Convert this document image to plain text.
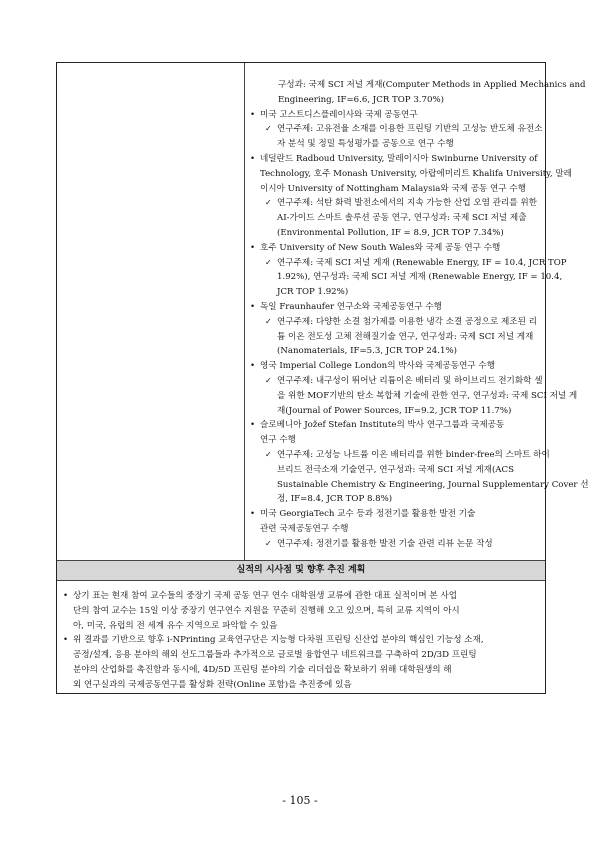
구성과: 국제 SCI 저널 게재(Computer Methods in Applied Mechanics and
Engineering, IF=6.6, JCR TOP 3.70%)
• 미국 고스트디스플레이사와 국제 공동연구
✓ 연구주제: 고유전율 소재를 이용한 프린팅 기반의 고성능 반도체 유전소
자 분석 및 정밀 특성평가를 공동으로 연구 수행
• 네덜란드 Radboud University, 말레이시아 Swinburne University of
Technology, 호주 Monash University, 아랍에미리트 Khalifa University, 말레
이시아 University of Nottingham Malaysia와 국제 공동 연구 수행
✓ 연구주제: 석탄 화력 발전소에서의 지속 가능한 산업 오염 관리를 위한
AI-가이드 스마트 솔루션 공동 연구, 연구성과: 국제 SCI 저널 제출
(Environmental Pollution, IF = 8.9, JCR TOP 7.34%)
• 호주 University of New South Wales와 국제 공동 연구 수행
✓ 연구주제: 국제 SCI 저널 게재 (Renewable Energy, IF = 10.4, JCR TOP
1.92%), 연구성과: 국제 SCI 저널 게재 (Renewable Energy, IF = 10.4,
JCR TOP 1.92%)
• 독일 Fraunhaufer 연구소와 국제공동연구 수행
✓ 연구주제: 다양한 소결 첨가제를 이용한 냉각 소결 공정으로 제조된 리
튬 이온 전도성 고체 전해질기술 연구, 연구성과: 국제 SCI 저널 게재
(Nanomaterials, IF=5.3, JCR TOP 24.1%)
• 영국 Imperial College London의 박사와 국제공동연구 수행
✓ 연구주제: 내구성이 뛰어난 리튬이온 배터리 및 하이브리드 전기화학 셀
을 위한 MOF기반의 탄소 복합체 기술에 관한 연구, 연구성과: 국제 SCI 저널 게
재(Journal of Power Sources, IF=9.2, JCR TOP 11.7%)
• 슬로베니아 Jožef Stefan Institute의 박사 연구그룹과 국제공동
연구 수행
✓ 연구주제: 고성능 나트륨 이온 배터리를 위한 binder-free의 스마트 하이
브리드 전극소재 기술연구, 연구성과: 국제 SCI 저널 게재(ACS
Sustainable Chemistry & Engineering, Journal Supplementary Cover 선
정, IF=8.4, JCR TOP 8.8%)
• 미국 GeorgiaTech 교수 등과 정전기를 활용한 발전 기술
관련 국제공동연구 수행
✓ 연구주제: 정전기를 활용한 발전 기술 관련 리뷰 논문 작성
실적의 시사점 및 향후 추진 계획
• 상기 표는 현재 참여 교수들의 중장기 국제 공동 연구 연수 대학원생 교류에 관한 대표 실적이며 본 사업
단의 참여 교수는 15일 이상 중장기 연구연수 지원을 꾸준히 진행해 오고 있으며, 특히 교류 지역이 아시
아, 미국, 유럽의 전 세계 유수 지역으로 파악할 수 있음
• 위 결과를 기반으로 향후 i-NPrinting 교육연구단은 지능형 다차원 프린팅 신산업 분야의 핵심인 기능성 소재,
공정/설계, 응용 분야의 해외 선도그룹들과 추가적으로 글로벌 융합연구 네트워크를 구축하여 2D/3D 프린팅
분야의 산업화를 촉진함과 동시에, 4D/5D 프린팅 분야의 기술 리더쉽을 확보하기 위해 대학원생의 해
외 연구실과의 국제공동연구를 활성화 전략(Online 포함)을 추진중에 있음
- 105 -
